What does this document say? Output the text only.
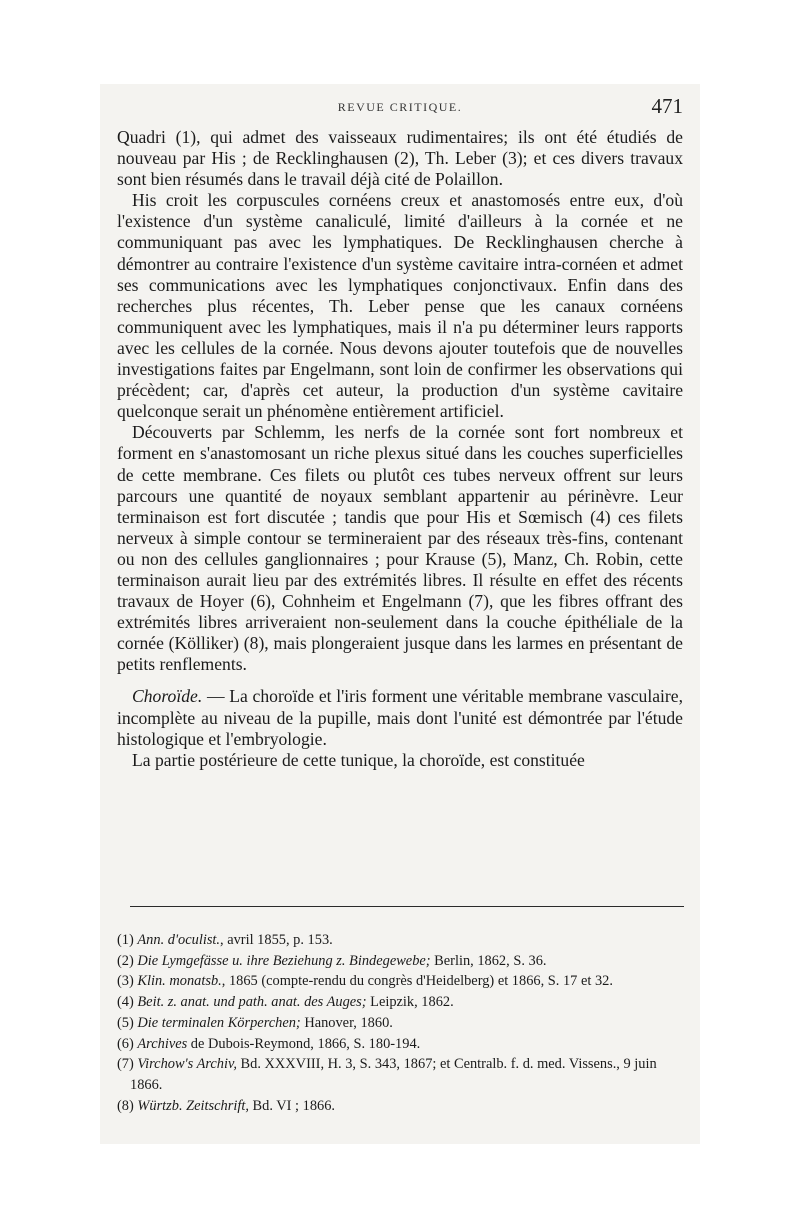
REVUE CRITIQUE.	471

Quadri (1), qui admet des vaisseaux rudimentaires; ils ont été étudiés de nouveau par His ; de Recklinghausen (2), Th. Leber (3); et ces divers travaux sont bien résumés dans le travail déjà cité de Polaillon.

His croit les corpuscules cornéens creux et anastomosés entre eux, d'où l'existence d'un système canaliculé, limité d'ailleurs à la cornée et ne communiquant pas avec les lymphatiques. De Recklinghausen cherche à démontrer au contraire l'existence d'un système cavitaire intra-cornéen et admet ses communications avec les lymphatiques conjonctivaux. Enfin dans des recherches plus récentes, Th. Leber pense que les canaux cornéens communiquent avec les lymphatiques, mais il n'a pu déterminer leurs rapports avec les cellules de la cornée. Nous devons ajouter toutefois que de nouvelles investigations faites par Engelmann, sont loin de confirmer les observations qui précèdent; car, d'après cet auteur, la production d'un système cavitaire quelconque serait un phénomène entièrement artificiel.

Découverts par Schlemm, les nerfs de la cornée sont fort nombreux et forment en s'anastomosant un riche plexus situé dans les couches superficielles de cette membrane. Ces filets ou plutôt ces tubes nerveux offrent sur leurs parcours une quantité de noyaux semblant appartenir au périnèvre. Leur terminaison est fort discutée ; tandis que pour His et Sœmisch (4) ces filets nerveux à simple contour se termineraient par des réseaux très-fins, contenant ou non des cellules ganglionnaires ; pour Krause (5), Manz, Ch. Robin, cette terminaison aurait lieu par des extrémités libres. Il résulte en effet des récents travaux de Hoyer (6), Cohnheim et Engelmann (7), que les fibres offrant des extrémités libres arriveraient non-seulement dans la couche épithéliale de la cornée (Kölliker) (8), mais plongeraient jusque dans les larmes en présentant de petits renflements.

Choroïde. — La choroïde et l'iris forment une véritable membrane vasculaire, incomplète au niveau de la pupille, mais dont l'unité est démontrée par l'étude histologique et l'embryologie.

La partie postérieure de cette tunique, la choroïde, est constituée

(1) Ann. d'oculist., avril 1855, p. 153.

(2) Die Lymgefässe u. ihre Beziehung z. Bindegewebe; Berlin, 1862, S. 36.

(3) Klin. monatsb., 1865 (compte-rendu du congrès d'Heidelberg) et 1866, S. 17 et 32.

(4) Beit. z. anat. und path. anat. des Auges; Leipzik, 1862.

(5) Die terminalen Körperchen; Hanover, 1860.

(6) Archives de Dubois-Reymond, 1866, S. 180-194.

(7) Virchow's Archiv, Bd. XXXVIII, H. 3, S. 343, 1867; et Centralb. f. d. med. Vissens., 9 juin 1866.

(8) Würtzb. Zeitschrift, Bd. VI ; 1866.
